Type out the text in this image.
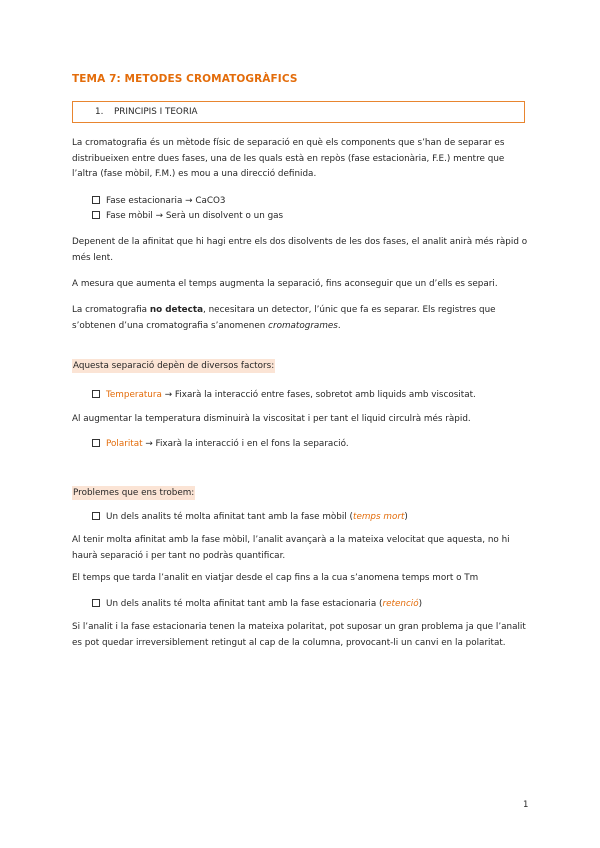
TEMA 7: METODES CROMATOGRÀFICS
1. PRINCIPIS I TEORIA

La cromatografia és un mètode físic de separació en què els components que s’han de separar es distribueixen entre dues fases, una de les quals està en repòs (fase estacionària, F.E.) mentre que l’altra (fase mòbil, F.M.) es mou a una direcció definida.

Fase estacionaria → CaCO3
Fase mòbil → Serà un disolvent o un gas

Depenent de la afinitat que hi hagi entre els dos disolvents de les dos fases, el analit anirà més ràpid o més lent.

A mesura que aumenta el temps augmenta la separació, fins aconseguir que un d’ells es separi.

La cromatografia no detecta, necesitara un detector, l’únic que fa es separar. Els registres que s’obtenen d’una cromatografia s’anomenen cromatogrames.

Aquesta separació depèn de diversos factors:
Temperatura → Fixarà la interacció entre fases, sobretot amb liquids amb viscositat.

Al augmentar la temperatura disminuirà la viscositat i per tant el liquid circulrà més ràpid.

Polaritat → Fixarà la interacció i en el fons la separació.
Problemes que ens trobem:
Un dels analits té molta afinitat tant amb la fase mòbil (temps mort)

Al tenir molta afinitat amb la fase mòbil, l’analit avançarà a la mateixa velocitat que aquesta, no hi haurà separació i per tant no podràs quantificar.

El temps que tarda l’analit en viatjar desde el cap fins a la cua s’anomena temps mort o Tm

Un dels analits té molta afinitat tant amb la fase estacionaria (retenció)

Si l’analit i la fase estacionaria tenen la mateixa polaritat, pot suposar un gran problema ja que l’analit es pot quedar irreversiblement retingut al cap de la columna, provocant-li un canvi en la polaritat.

1
